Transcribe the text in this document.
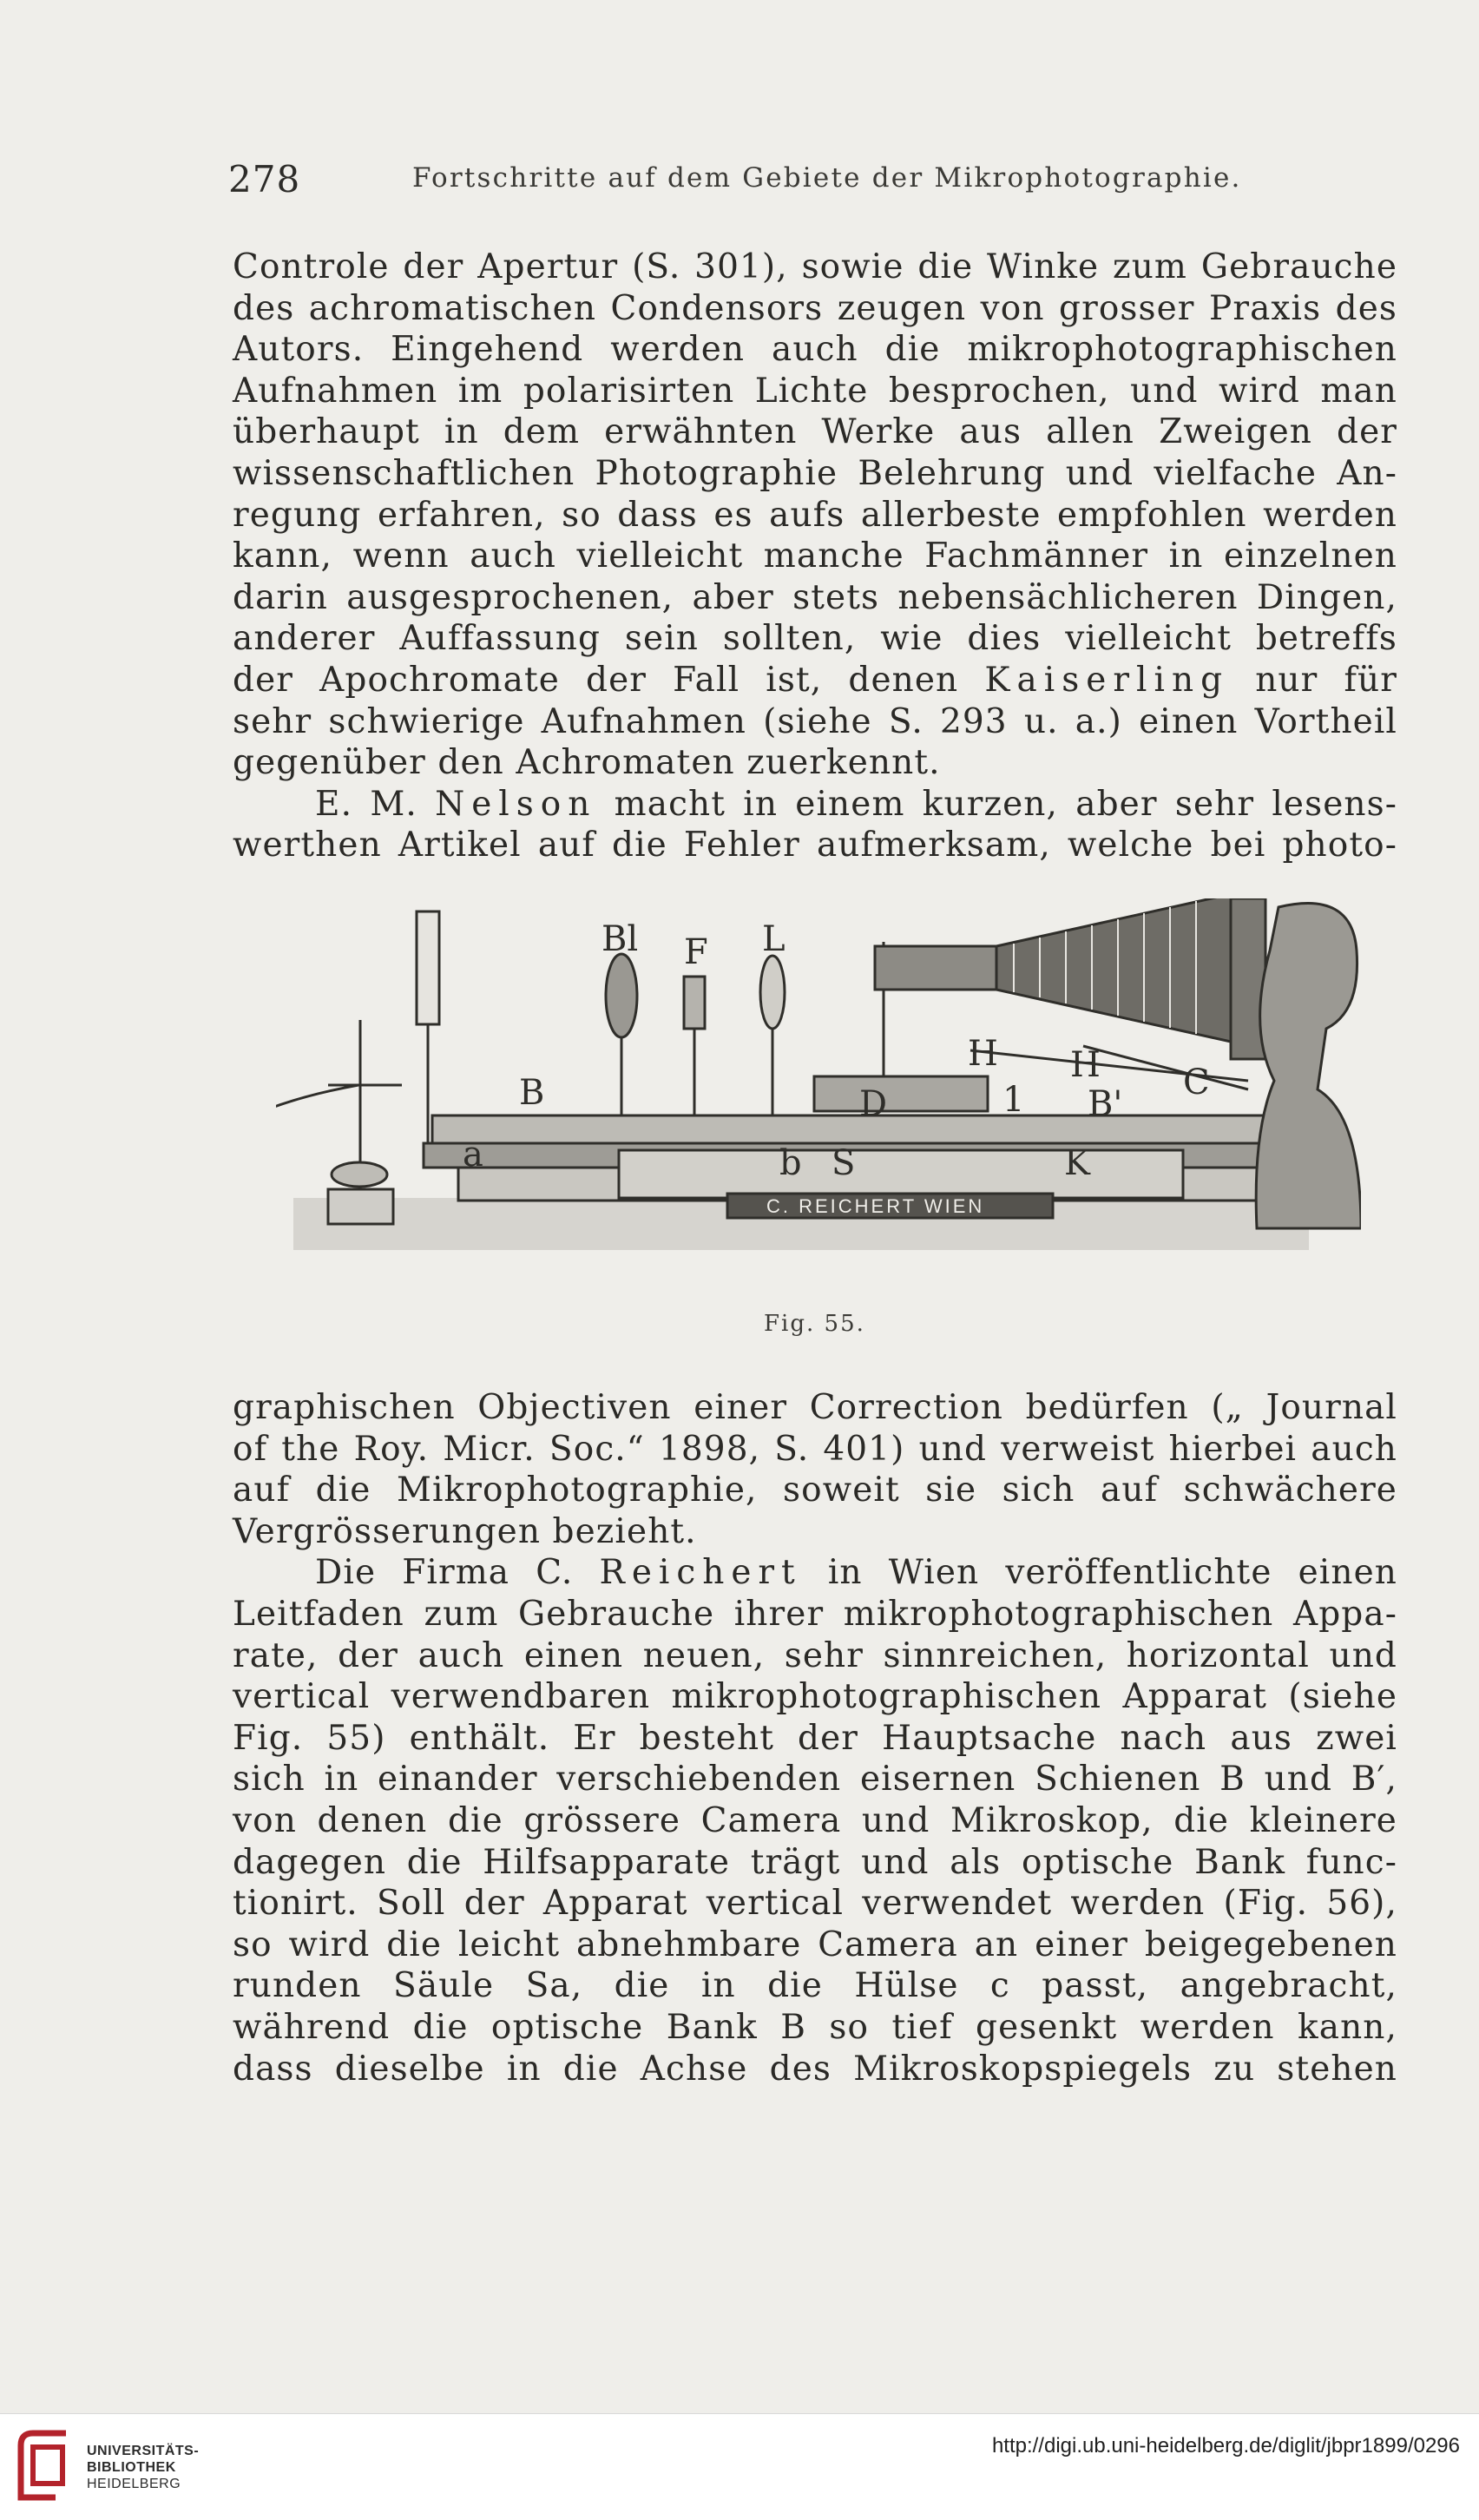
278	Fortschritte auf dem Gebiete der Mikrophotographie.
Controle der Apertur (S. 301), sowie die Winke zum Gebrauche
des achromatischen Condensors zeugen von grosser Praxis des
Autors. Eingehend werden auch die mikrophotographischen
Aufnahmen im polarisirten Lichte besprochen, und wird man
überhaupt in dem erwähnten Werke aus allen Zweigen der
wissenschaftlichen Photographie Belehrung und vielfache An-
regung erfahren, so dass es aufs allerbeste empfohlen werden
kann, wenn auch vielleicht manche Fachmänner in einzelnen
darin ausgesprochenen, aber stets nebensächlicheren Dingen,
anderer Auffassung sein sollten, wie dies vielleicht betreffs
der Apochromate der Fall ist, denen Kaiserling nur für
sehr schwierige Aufnahmen (siehe S. 293 u. a.) einen Vortheil
gegenüber den Achromaten zuerkennt.
E. M. Nelson macht in einem kurzen, aber sehr lesens-
werthen Artikel auf die Fehler aufmerksam, welche bei photo-
Bl F L
B
a
D
H H
1 B'
C
b S	K
C. REICHERT WIEN
Fig. 55.
graphischen Objectiven einer Correction bedürfen („ Journal
of the Roy. Micr. Soc.“ 1898, S. 401) und verweist hierbei auch
auf die Mikrophotographie, soweit sie sich auf schwächere
Vergrösserungen bezieht.
Die Firma C. Reichert in Wien veröffentlichte einen
Leitfaden zum Gebrauche ihrer mikrophotographischen Appa-
rate, der auch einen neuen, sehr sinnreichen, horizontal und
vertical verwendbaren mikrophotographischen Apparat (siehe
Fig. 55) enthält. Er besteht der Hauptsache nach aus zwei
sich in einander verschiebenden eisernen Schienen B und B′,
von denen die grössere Camera und Mikroskop, die kleinere
dagegen die Hilfsapparate trägt und als optische Bank func-
tionirt. Soll der Apparat vertical verwendet werden (Fig. 56),
so wird die leicht abnehmbare Camera an einer beigegebenen
runden Säule Sa, die in die Hülse c passt, angebracht,
während die optische Bank B so tief gesenkt werden kann,
dass dieselbe in die Achse des Mikroskopspiegels zu stehen
UNIVERSITÄTS-
BIBLIOTHEK
HEIDELBERG
http://digi.ub.uni-heidelberg.de/diglit/jbpr1899/0296
